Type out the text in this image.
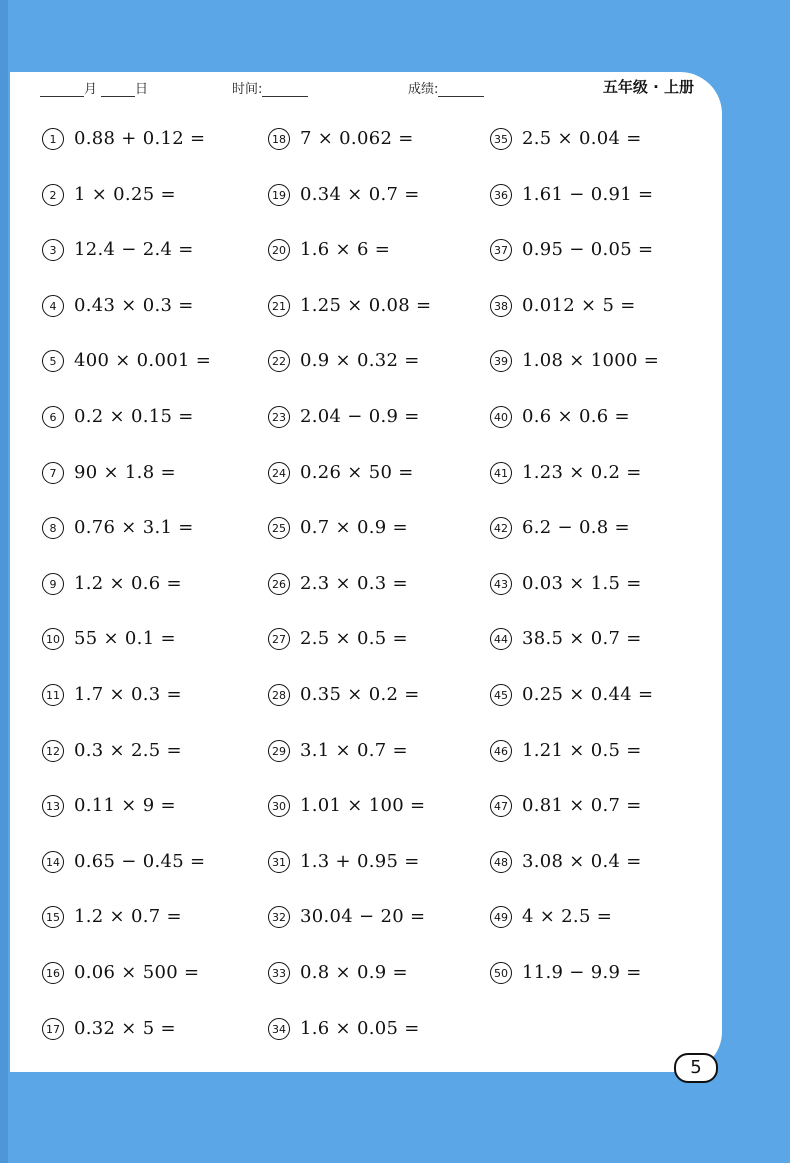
月	日	时间:	成绩:	五年级 · 上册
1 0.88 + 0.12 =
2 1 × 0.25 =
3 12.4 − 2.4 =
4 0.43 × 0.3 =
5 400 × 0.001 =
6 0.2 × 0.15 =
7 90 × 1.8 =
8 0.76 × 3.1 =
9 1.2 × 0.6 =
10 55 × 0.1 =
11 1.7 × 0.3 =
12 0.3 × 2.5 =
13 0.11 × 9 =
14 0.65 − 0.45 =
15 1.2 × 0.7 =
16 0.06 × 500 =
17 0.32 × 5 =
18 7 × 0.062 =
19 0.34 × 0.7 =
20 1.6 × 6 =
21 1.25 × 0.08 =
22 0.9 × 0.32 =
23 2.04 − 0.9 =
24 0.26 × 50 =
25 0.7 × 0.9 =
26 2.3 × 0.3 =
27 2.5 × 0.5 =
28 0.35 × 0.2 =
29 3.1 × 0.7 =
30 1.01 × 100 =
31 1.3 + 0.95 =
32 30.04 − 20 =
33 0.8 × 0.9 =
34 1.6 × 0.05 =
35 2.5 × 0.04 =
36 1.61 − 0.91 =
37 0.95 − 0.05 =
38 0.012 × 5 =
39 1.08 × 1000 =
40 0.6 × 0.6 =
41 1.23 × 0.2 =
42 6.2 − 0.8 =
43 0.03 × 1.5 =
44 38.5 × 0.7 =
45 0.25 × 0.44 =
46 1.21 × 0.5 =
47 0.81 × 0.7 =
48 3.08 × 0.4 =
49 4 × 2.5 =
50 11.9 − 9.9 =
5
